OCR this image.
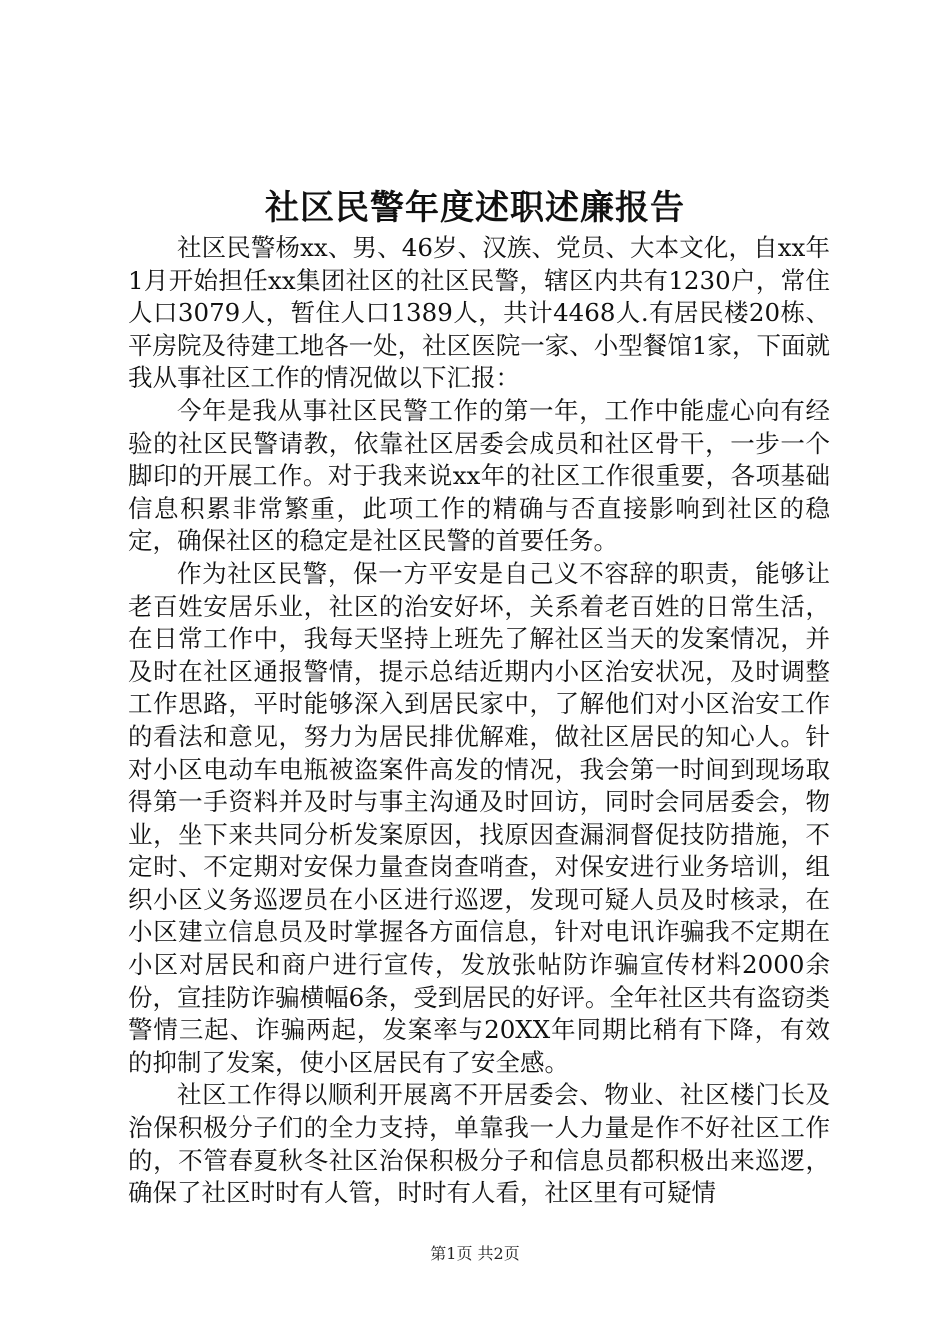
社区民警年度述职述廉报告

社区民警杨xx、男、46岁、汉族、党员、大本文化，自xx年1月开始担任xx集团社区的社区民警，辖区内共有1230户，常住人口3079人，暂住人口1389人，共计4468人.有居民楼20栋、平房院及待建工地各一处，社区医院一家、小型餐馆1家，下面就我从事社区工作的情况做以下汇报：

今年是我从事社区民警工作的第一年，工作中能虚心向有经验的社区民警请教，依靠社区居委会成员和社区骨干，一步一个脚印的开展工作。对于我来说xx年的社区工作很重要，各项基础信息积累非常繁重，此项工作的精确与否直接影响到社区的稳定，确保社区的稳定是社区民警的首要任务。

作为社区民警，保一方平安是自己义不容辞的职责，能够让老百姓安居乐业，社区的治安好坏，关系着老百姓的日常生活，在日常工作中，我每天坚持上班先了解社区当天的发案情况，并及时在社区通报警情，提示总结近期内小区治安状况，及时调整工作思路，平时能够深入到居民家中，了解他们对小区治安工作的看法和意见，努力为居民排优解难，做社区居民的知心人。针对小区电动车电瓶被盗案件高发的情况，我会第一时间到现场取得第一手资料并及时与事主沟通及时回访，同时会同居委会，物业，坐下来共同分析发案原因，找原因查漏洞督促技防措施，不定时、不定期对安保力量查岗查哨查，对保安进行业务培训，组织小区义务巡逻员在小区进行巡逻，发现可疑人员及时核录，在小区建立信息员及时掌握各方面信息，针对电讯诈骗我不定期在小区对居民和商户进行宣传，发放张帖防诈骗宣传材料2000余份，宣挂防诈骗横幅6条，受到居民的好评。全年社区共有盗窃类警情三起、诈骗两起，发案率与20XX年同期比稍有下降，有效的抑制了发案，使小区居民有了安全感。

社区工作得以顺利开展离不开居委会、物业、社区楼门长及治保积极分子们的全力支持，单靠我一人力量是作不好社区工作的，不管春夏秋冬社区治保积极分子和信息员都积极出来巡逻，确保了社区时时有人管，时时有人看，社区里有可疑情

第1页 共2页
